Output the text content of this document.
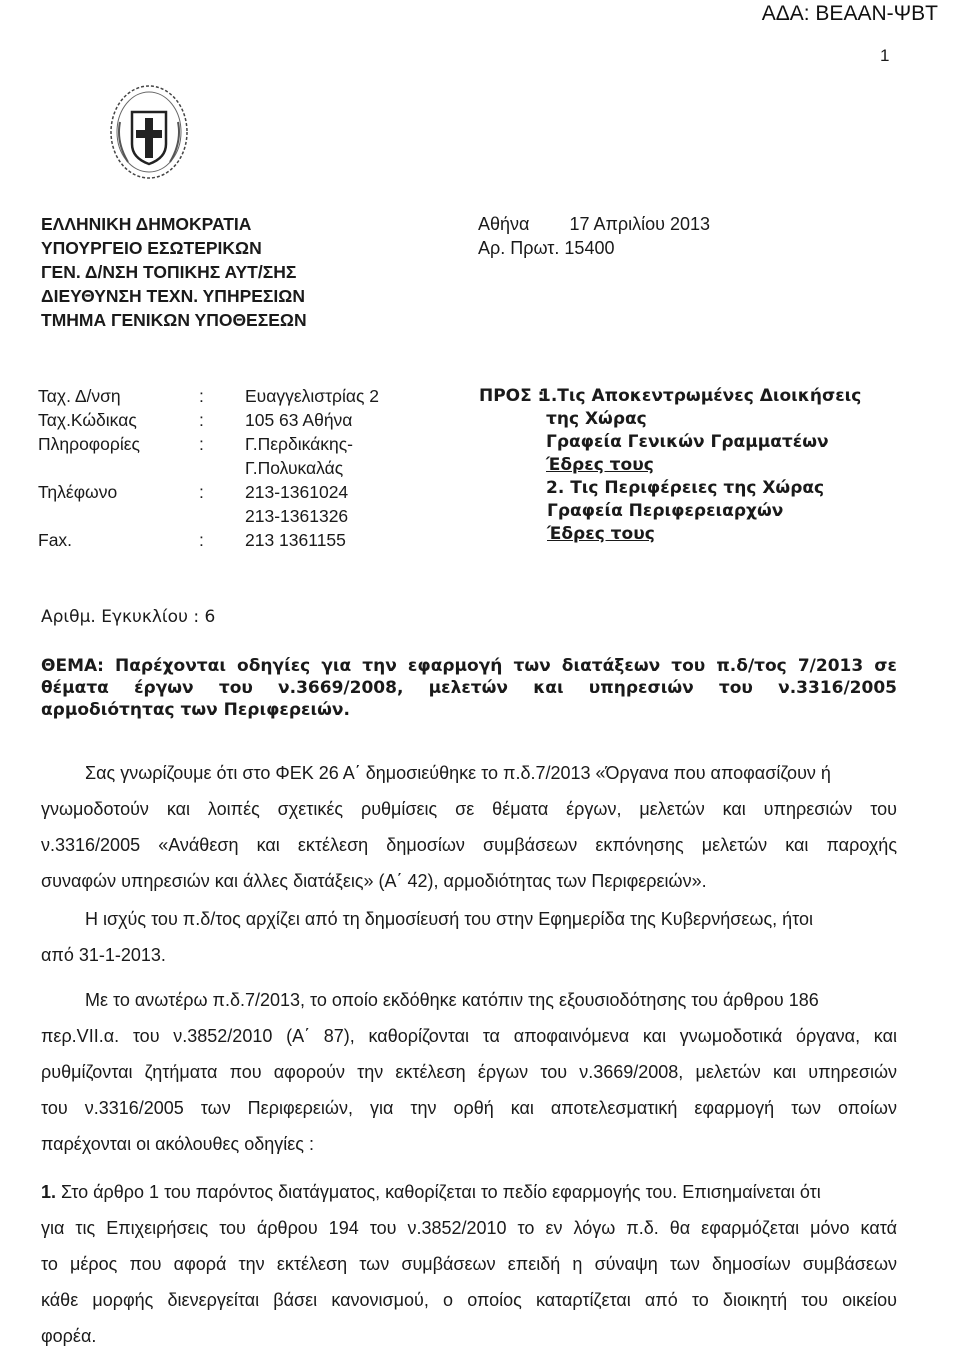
ΑΔΑ: ΒΕΑΑΝ-ΨΒΤ
1
ΕΛΛΗΝΙΚΗ ΔΗΜΟΚΡΑΤΙΑ
ΥΠΟΥΡΓΕΙΟ ΕΣΩΤΕΡΙΚΩΝ
ΓΕΝ. Δ/ΝΣΗ ΤΟΠΙΚΗΣ ΑΥΤ/ΣΗΣ
ΔΙΕΥΘΥΝΣΗ ΤΕΧΝ. ΥΠΗΡΕΣΙΩΝ
ΤΜΗΜΑ ΓΕΝΙΚΩΝ ΥΠΟΘΕΣΕΩΝ
Αθήνα 17 Απριλίου 2013
Αρ. Πρωτ. 15400
Ταχ. Δ/νση	: Ευαγγελιστρίας 2
Ταχ.Κώδικας	: 105 63 Αθήνα
Πληροφορίες	: Γ.Περδικάκης-
Γ.Πολυκαλάς
Τηλέφωνο	: 213-1361024
213-1361326
Fax.	: 213 1361155
ΠΡΟΣ :
1.Τις Αποκεντρωμένες Διοικήσεις
της Χώρας
Γραφεία Γενικών Γραμματέων
Έδρες τους
2. Τις Περιφέρειες της Χώρας
Γραφεία Περιφερειαρχών
Έδρες τους
Αριθμ. Εγκυκλίου : 6
ΘΕΜΑ: Παρέχονται οδηγίες για την εφαρμογή των διατάξεων του π.δ/τος 7/2013 σε
θέματα έργων του ν.3669/2008, μελετών και υπηρεσιών του ν.3316/2005
αρμοδιότητας των Περιφερειών.

Σας γνωρίζουμε ότι στο ΦΕΚ 26 Α΄ δημοσιεύθηκε το π.δ.7/2013 «Όργανα που αποφασίζουν ή
γνωμοδοτούν και λοιπές σχετικές ρυθμίσεις σε θέματα έργων, μελετών και υπηρεσιών του
ν.3316/2005 «Ανάθεση και εκτέλεση δημοσίων συμβάσεων εκπόνησης μελετών και παροχής
συναφών υπηρεσιών και άλλες διατάξεις» (Α΄ 42), αρμοδιότητας των Περιφερειών».

Η ισχύς του π.δ/τος αρχίζει από τη δημοσίευσή του στην Εφημερίδα της Κυβερνήσεως, ήτοι
από 31-1-2013.

Με το ανωτέρω π.δ.7/2013, το οποίο εκδόθηκε κατόπιν της εξουσιοδότησης του άρθρου 186
περ.VII.α. του ν.3852/2010 (Α΄ 87), καθορίζονται τα αποφαινόμενα και γνωμοδοτικά όργανα, και
ρυθμίζονται ζητήματα που αφορούν την εκτέλεση έργων του ν.3669/2008, μελετών και υπηρεσιών
του ν.3316/2005 των Περιφερειών, για την ορθή και αποτελεσματική εφαρμογή των οποίων
παρέχονται οι ακόλουθες οδηγίες :

1. Στο άρθρο 1 του παρόντος διατάγματος, καθορίζεται το πεδίο εφαρμογής του. Επισημαίνεται ότι
για τις Επιχειρήσεις του άρθρου 194 του ν.3852/2010 το εν λόγω π.δ. θα εφαρμόζεται μόνο κατά
το μέρος που αφορά την εκτέλεση των συμβάσεων επειδή η σύναψη των δημοσίων συμβάσεων
κάθε μορφής διενεργείται βάσει κανονισμού, ο οποίος καταρτίζεται από το διοικητή του οικείου
φορέα.
